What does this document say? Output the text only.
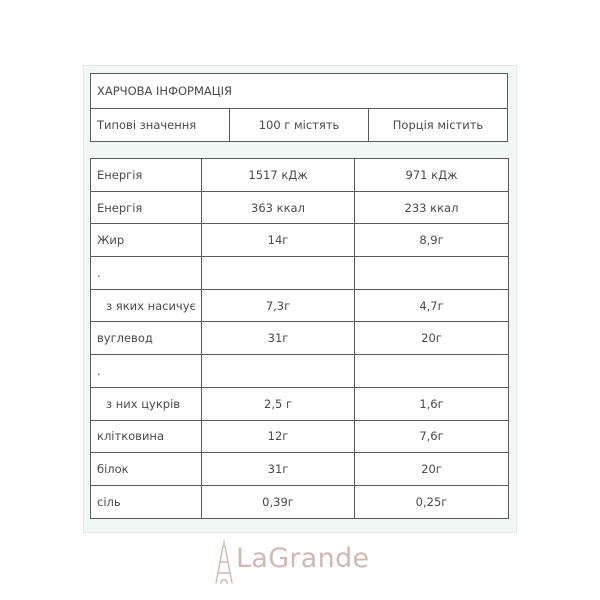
ХАРЧОВА ІНФОРМАЦІЯ
Типові значення	100 г містять	Порція містить
Енергія	1517 кДж	971 кДж
Енергія	363 ккал	233 ккал
Жир	14г	8,9г
.		
з яких насичує	7,3г	4,7г
вуглевод	31г	20г
.		
з них цукрів	2,5 г	1,6г
клітковина	12г	7,6г
білок	31г	20г
сіль	0,39г	0,25г
LaGrande
